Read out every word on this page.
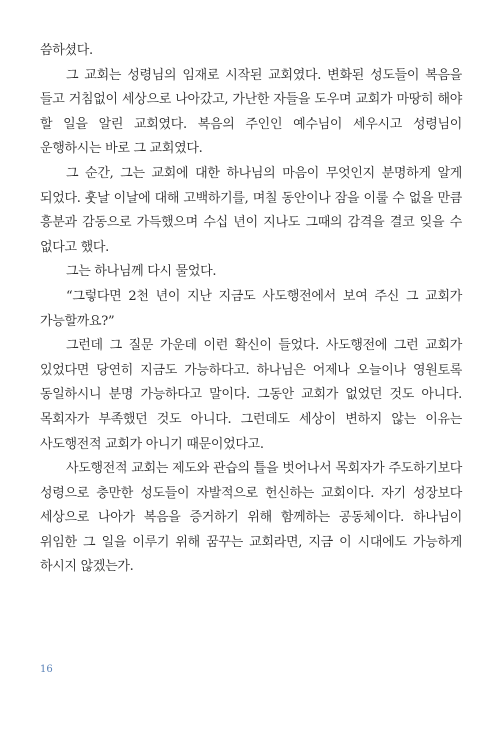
씀하셨다.

그 교회는 성령님의 임재로 시작된 교회였다. 변화된 성도들이 복음을 들고 거침없이 세상으로 나아갔고, 가난한 자들을 도우며 교회가 마땅히 해야 할 일을 알린 교회였다. 복음의 주인인 예수님이 세우시고 성령님이 운행하시는 바로 그 교회였다.

그 순간, 그는 교회에 대한 하나님의 마음이 무엇인지 분명하게 알게 되었다. 훗날 이날에 대해 고백하기를, 며칠 동안이나 잠을 이룰 수 없을 만큼 흥분과 감동으로 가득했으며 수십 년이 지나도 그때의 감격을 결코 잊을 수 없다고 했다.

그는 하나님께 다시 물었다.

“그렇다면 2천 년이 지난 지금도 사도행전에서 보여 주신 그 교회가 가능할까요?”

그런데 그 질문 가운데 이런 확신이 들었다. 사도행전에 그런 교회가 있었다면 당연히 지금도 가능하다고. 하나님은 어제나 오늘이나 영원토록 동일하시니 분명 가능하다고 말이다. 그동안 교회가 없었던 것도 아니다. 목회자가 부족했던 것도 아니다. 그런데도 세상이 변하지 않는 이유는 사도행전적 교회가 아니기 때문이었다고.

사도행전적 교회는 제도와 관습의 틀을 벗어나서 목회자가 주도하기보다 성령으로 충만한 성도들이 자발적으로 헌신하는 교회이다. 자기 성장보다 세상으로 나아가 복음을 증거하기 위해 함께하는 공동체이다. 하나님이 위임한 그 일을 이루기 위해 꿈꾸는 교회라면, 지금 이 시대에도 가능하게 하시지 않겠는가.

16
